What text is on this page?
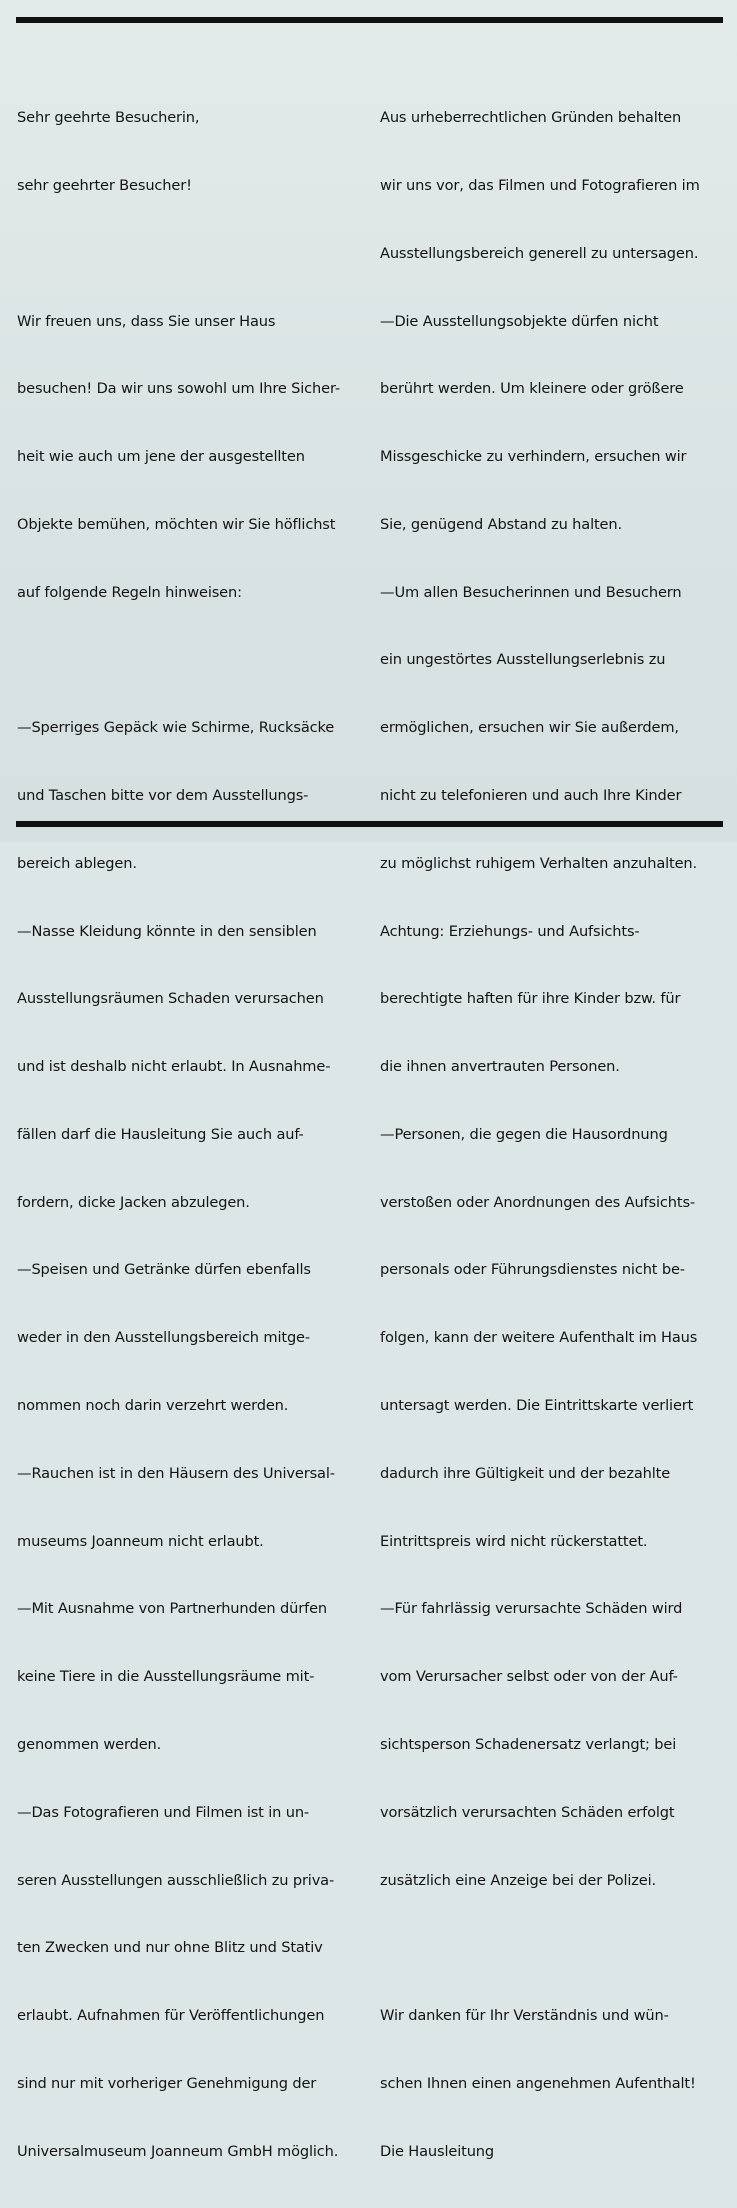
Sehr geehrte Besucherin,

sehr geehrter Besucher!

Wir freuen uns, dass Sie unser Haus

besuchen! Da wir uns sowohl um Ihre Sicher-

heit wie auch um jene der ausgestellten

Objekte bemühen, möchten wir Sie höflichst

auf folgende Regeln hinweisen:

—Sperriges Gepäck wie Schirme, Rucksäcke

und Taschen bitte vor dem Ausstellungs-

bereich ablegen.

—Nasse Kleidung könnte in den sensiblen

Ausstellungsräumen Schaden verursachen

und ist deshalb nicht erlaubt. In Ausnahme-

fällen darf die Hausleitung Sie auch auf-

fordern, dicke Jacken abzulegen.

—Speisen und Getränke dürfen ebenfalls

weder in den Ausstellungsbereich mitge-

nommen noch darin verzehrt werden.

—Rauchen ist in den Häusern des Universal-

museums Joanneum nicht erlaubt.

—Mit Ausnahme von Partnerhunden dürfen

keine Tiere in die Ausstellungsräume mit-

genommen werden.

—Das Fotografieren und Filmen ist in un-

seren Ausstellungen ausschließlich zu priva-

ten Zwecken und nur ohne Blitz und Stativ

erlaubt. Aufnahmen für Veröffentlichungen

sind nur mit vorheriger Genehmigung der

Universalmuseum Joanneum GmbH möglich.

Aus urheberrechtlichen Gründen behalten

wir uns vor, das Filmen und Fotografieren im

Ausstellungsbereich generell zu untersagen.

—Die Ausstellungsobjekte dürfen nicht

berührt werden. Um kleinere oder größere

Missgeschicke zu verhindern, ersuchen wir

Sie, genügend Abstand zu halten.

—Um allen Besucherinnen und Besuchern

ein ungestörtes Ausstellungserlebnis zu

ermöglichen, ersuchen wir Sie außerdem,

nicht zu telefonieren und auch Ihre Kinder

zu möglichst ruhigem Verhalten anzuhalten.

Achtung: Erziehungs- und Aufsichts-

berechtigte haften für ihre Kinder bzw. für

die ihnen anvertrauten Personen.

—Personen, die gegen die Hausordnung

verstoßen oder Anordnungen des Aufsichts-

personals oder Führungsdienstes nicht be-

folgen, kann der weitere Aufenthalt im Haus

untersagt werden. Die Eintrittskarte verliert

dadurch ihre Gültigkeit und der bezahlte

Eintrittspreis wird nicht rückerstattet.

—Für fahrlässig verursachte Schäden wird

vom Verursacher selbst oder von der Auf-

sichtsperson Schadenersatz verlangt; bei

vorsätzlich verursachten Schäden erfolgt

zusätzlich eine Anzeige bei der Polizei.

Wir danken für Ihr Verständnis und wün-

schen Ihnen einen angenehmen Aufenthalt!

Die Hausleitung
